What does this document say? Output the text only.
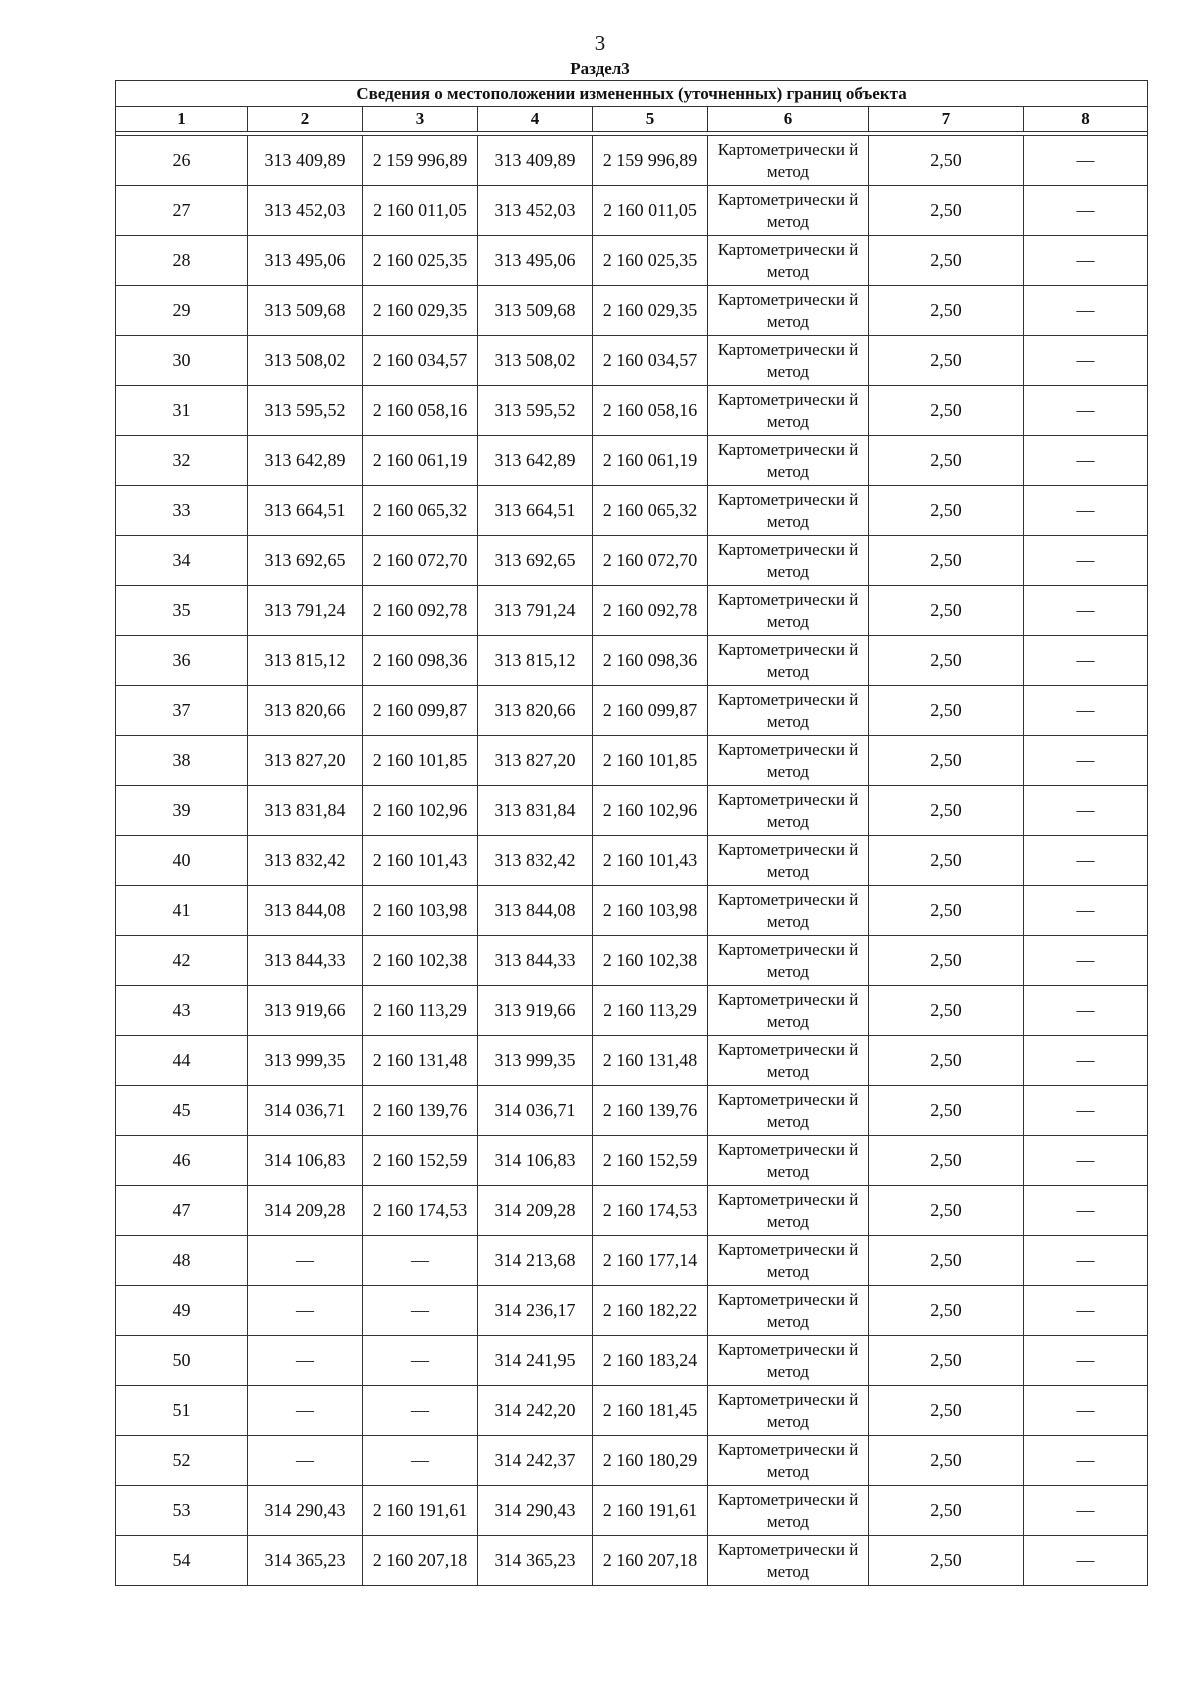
3
Раздел3
Сведения о местоположении измененных (уточненных) границ объекта							
1	2	3	4	5	6	7	8

26	313 409,89	2 159 996,89	313 409,89	2 159 996,89	Картометрически й метод	2,50	—
27	313 452,03	2 160 011,05	313 452,03	2 160 011,05	Картометрически й метод	2,50	—
28	313 495,06	2 160 025,35	313 495,06	2 160 025,35	Картометрически й метод	2,50	—
29	313 509,68	2 160 029,35	313 509,68	2 160 029,35	Картометрически й метод	2,50	—
30	313 508,02	2 160 034,57	313 508,02	2 160 034,57	Картометрически й метод	2,50	—
31	313 595,52	2 160 058,16	313 595,52	2 160 058,16	Картометрически й метод	2,50	—
32	313 642,89	2 160 061,19	313 642,89	2 160 061,19	Картометрически й метод	2,50	—
33	313 664,51	2 160 065,32	313 664,51	2 160 065,32	Картометрически й метод	2,50	—
34	313 692,65	2 160 072,70	313 692,65	2 160 072,70	Картометрически й метод	2,50	—
35	313 791,24	2 160 092,78	313 791,24	2 160 092,78	Картометрически й метод	2,50	—
36	313 815,12	2 160 098,36	313 815,12	2 160 098,36	Картометрически й метод	2,50	—
37	313 820,66	2 160 099,87	313 820,66	2 160 099,87	Картометрически й метод	2,50	—
38	313 827,20	2 160 101,85	313 827,20	2 160 101,85	Картометрически й метод	2,50	—
39	313 831,84	2 160 102,96	313 831,84	2 160 102,96	Картометрически й метод	2,50	—
40	313 832,42	2 160 101,43	313 832,42	2 160 101,43	Картометрически й метод	2,50	—
41	313 844,08	2 160 103,98	313 844,08	2 160 103,98	Картометрически й метод	2,50	—
42	313 844,33	2 160 102,38	313 844,33	2 160 102,38	Картометрически й метод	2,50	—
43	313 919,66	2 160 113,29	313 919,66	2 160 113,29	Картометрически й метод	2,50	—
44	313 999,35	2 160 131,48	313 999,35	2 160 131,48	Картометрически й метод	2,50	—
45	314 036,71	2 160 139,76	314 036,71	2 160 139,76	Картометрически й метод	2,50	—
46	314 106,83	2 160 152,59	314 106,83	2 160 152,59	Картометрически й метод	2,50	—
47	314 209,28	2 160 174,53	314 209,28	2 160 174,53	Картометрически й метод	2,50	—
48	—	—	314 213,68	2 160 177,14	Картометрически й метод	2,50	—
49	—	—	314 236,17	2 160 182,22	Картометрически й метод	2,50	—
50	—	—	314 241,95	2 160 183,24	Картометрически й метод	2,50	—
51	—	—	314 242,20	2 160 181,45	Картометрически й метод	2,50	—
52	—	—	314 242,37	2 160 180,29	Картометрически й метод	2,50	—
53	314 290,43	2 160 191,61	314 290,43	2 160 191,61	Картометрически й метод	2,50	—
54	314 365,23	2 160 207,18	314 365,23	2 160 207,18	Картометрически й метод	2,50	—
